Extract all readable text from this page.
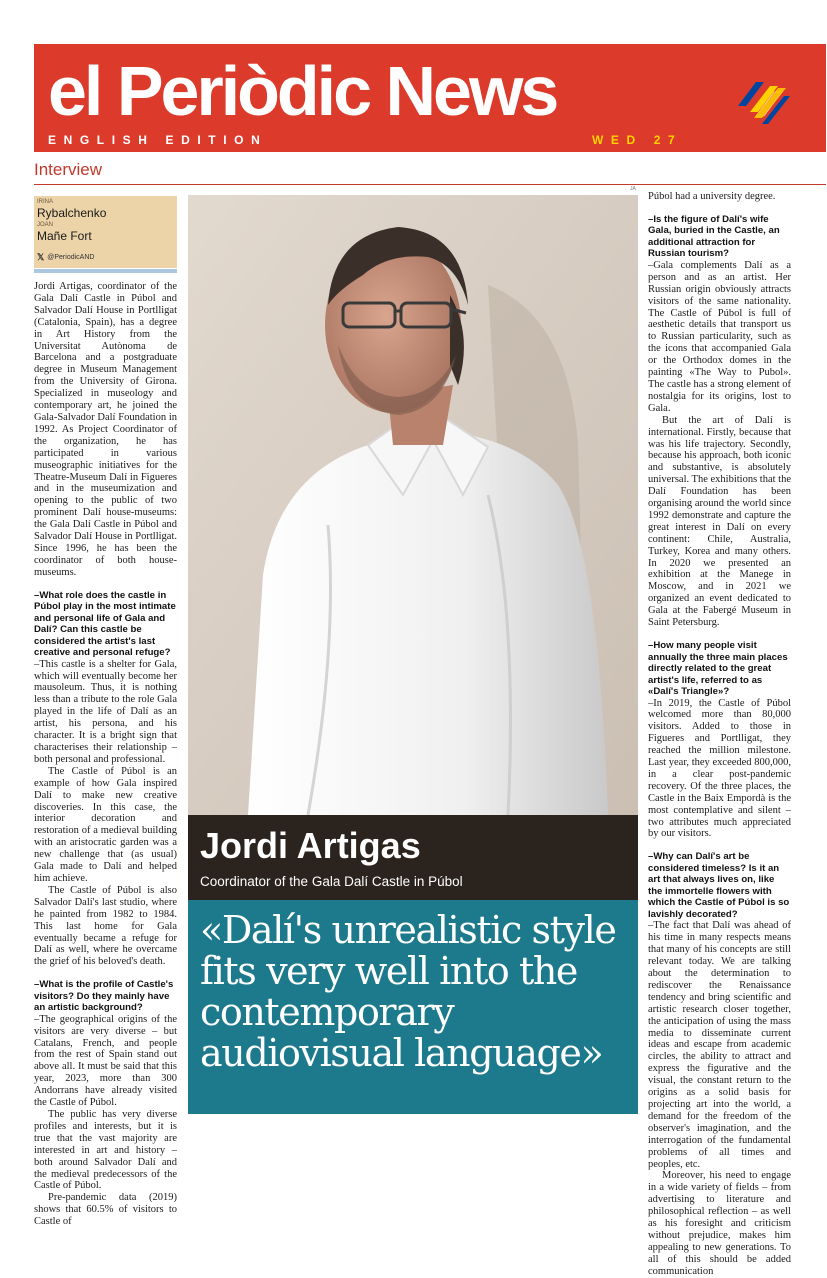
el Periòdic News
ENGLISH EDITION	WED 27
Interview
IRINA
Rybalchenko
JOAN
Mañe Fort
𝕏 @PeriodicAND

Jordi Artigas, coordinator of the Gala Dalí Castle in Púbol and Salvador Dalí House in Portlligat (Catalonia, Spain), has a degree in Art History from the Universitat Autònoma de Barcelona and a postgraduate degree in Museum Management from the University of Girona. Specialized in museology and contemporary art, he joined the Gala-Salvador Dalí Foundation in 1992. As Project Coordinator of the organization, he has participated in various museographic initiatives for the Theatre-Museum Dalí in Figueres and in the museumization and opening to the public of two prominent Dalí house-museums: the Gala Dalí Castle in Púbol and Salvador Dalí House in Portlligat. Since 1996, he has been the coordinator of both house-museums.

–What role does the castle in Púbol play in the most intimate and personal life of Gala and Dalí? Can this castle be considered the artist's last creative and personal refuge?

–This castle is a shelter for Gala, which will eventually become her mausoleum. Thus, it is nothing less than a tribute to the role Gala played in the life of Dalí as an artist, his persona, and his character. It is a bright sign that characterises their relationship – both personal and professional.

The Castle of Púbol is an example of how Gala inspired Dalí to make new creative discoveries. In this case, the interior decoration and restoration of a medieval building with an aristocratic garden was a new challenge that (as usual) Gala made to Dalí and helped him achieve.

The Castle of Púbol is also Salvador Dalí's last studio, where he painted from 1982 to 1984. This last home for Gala eventually became a refuge for Dalí as well, where he overcame the grief of his beloved's death.

–What is the profile of Castle's visitors? Do they mainly have an artistic background?

–The geographical origins of the visitors are very diverse – but Catalans, French, and people from the rest of Spain stand out above all. It must be said that this year, 2023, more than 300 Andorrans have already visited the Castle of Púbol.

The public has very diverse profiles and interests, but it is true that the vast majority are interested in art and history – both around Salvador Dalí and the medieval predecessors of the Castle of Púbol.

Pre-pandemic data (2019) shows that 60.5% of visitors to Castle of

JA
Jordi Artigas
Coordinator of the Gala Dalí Castle in Púbol
«Dalí's unrealistic style fits very well into the contemporary audiovisual language»

Púbol had a university degree.

–Is the figure of Dalí's wife Gala, buried in the Castle, an additional attraction for Russian tourism?

–Gala complements Dalí as a person and as an artist. Her Russian origin obviously attracts visitors of the same nationality. The Castle of Púbol is full of aesthetic details that transport us to Russian particularity, such as the icons that accompanied Gala or the Orthodox domes in the painting «The Way to Pubol». The castle has a strong element of nostalgia for its origins, lost to Gala.

But the art of Dalí is international. Firstly, because that was his life trajectory. Secondly, because his approach, both iconic and substantive, is absolutely universal. The exhibitions that the Dalí Foundation has been organising around the world since 1992 demonstrate and capture the great interest in Dalí on every continent: Chile, Australia, Turkey, Korea and many others. In 2020 we presented an exhibition at the Manege in Moscow, and in 2021 we organized an event dedicated to Gala at the Fabergé Museum in Saint Petersburg.

–How many people visit annually the three main places directly related to the great artist's life, referred to as «Dalí's Triangle»?

–In 2019, the Castle of Púbol welcomed more than 80,000 visitors. Added to those in Figueres and Portlligat, they reached the million milestone. Last year, they exceeded 800,000, in a clear post-pandemic recovery. Of the three places, the Castle in the Baix Empordà is the most contemplative and silent – two attributes much appreciated by our visitors.

–Why can Dalí's art be considered timeless? Is it an art that always lives on, like the immortelle flowers with which the Castle of Púbol is so lavishly decorated?

–The fact that Dalí was ahead of his time in many respects means that many of his concepts are still relevant today. We are talking about the determination to rediscover the Renaissance tendency and bring scientific and artistic research closer together, the anticipation of using the mass media to disseminate current ideas and escape from academic circles, the ability to attract and express the figurative and the visual, the constant return to the origins as a solid basis for projecting art into the world, a demand for the freedom of the observer's imagination, and the interrogation of the fundamental problems of all times and peoples, etc.

Moreover, his need to engage in a wide variety of fields – from advertising to literature and philosophical reflection – as well as his foresight and criticism without prejudice, makes him appealing to new generations. To all of this should be added communication
